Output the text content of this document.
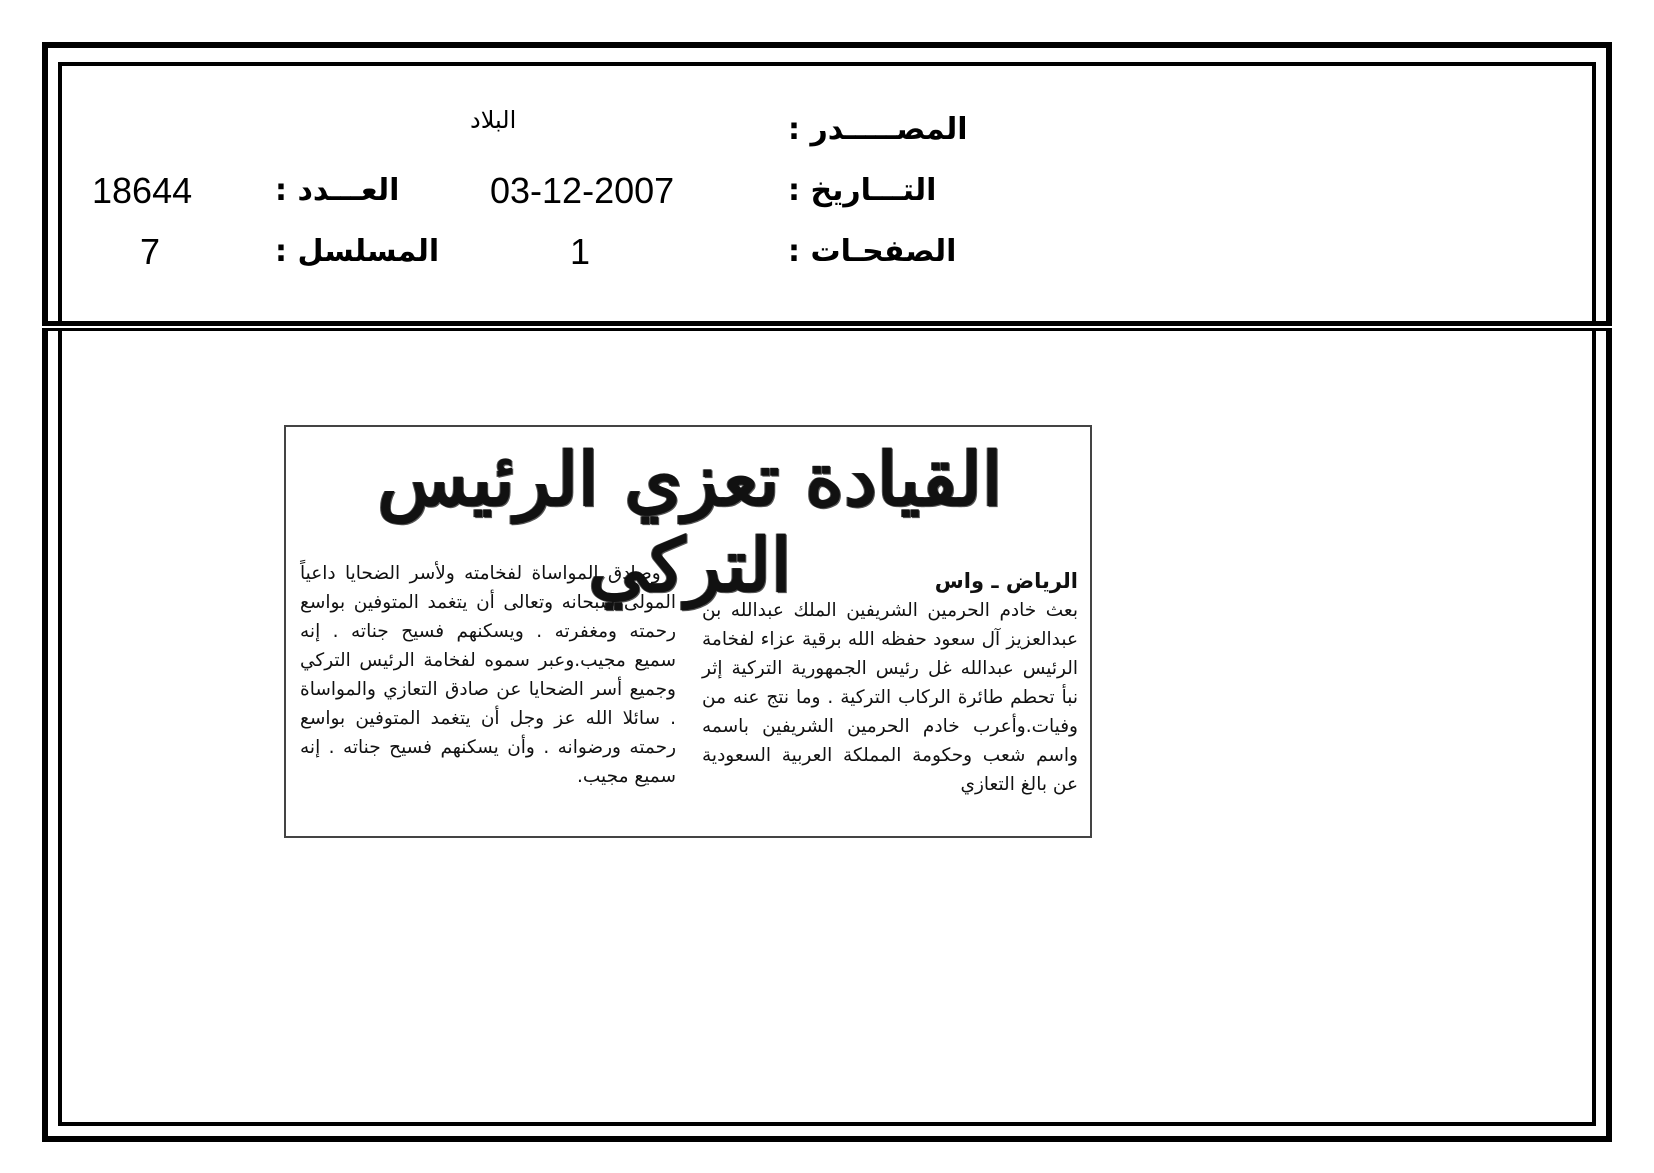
المصـــــدر :
البلاد
التـــاريخ :
03-12-2007
العـــدد :
18644
الصفحـات :
1
المسلسل :
7
القيادة تعزي الرئيس التركي	الرياض ـ واس

بعث خادم الحرمين الشريفين الملك عبدالله بن عبدالعزيز آل سعود حفظه الله برقية عزاء لفخامة الرئيس عبدالله غل رئيس الجمهورية التركية إثر نبأ تحطم طائرة الركاب التركية . وما نتج عنه من وفيات.وأعرب خادم الحرمين الشريفين باسمه واسم شعب وحكومة المملكة العربية السعودية عن بالغ التعازي

. وصادق المواساة لفخامته ولأسر الضحايا داعياً المولى سبحانه وتعالى أن يتغمد المتوفين بواسع رحمته ومغفرته . ويسكنهم فسيح جناته . إنه سميع مجيب.وعبر سموه لفخامة الرئيس التركي وجميع أسر الضحايا عن صادق التعازي والمواساة . سائلا الله عز وجل أن يتغمد المتوفين بواسع رحمته ورضوانه . وأن يسكنهم فسيح جناته . إنه سميع مجيب.
